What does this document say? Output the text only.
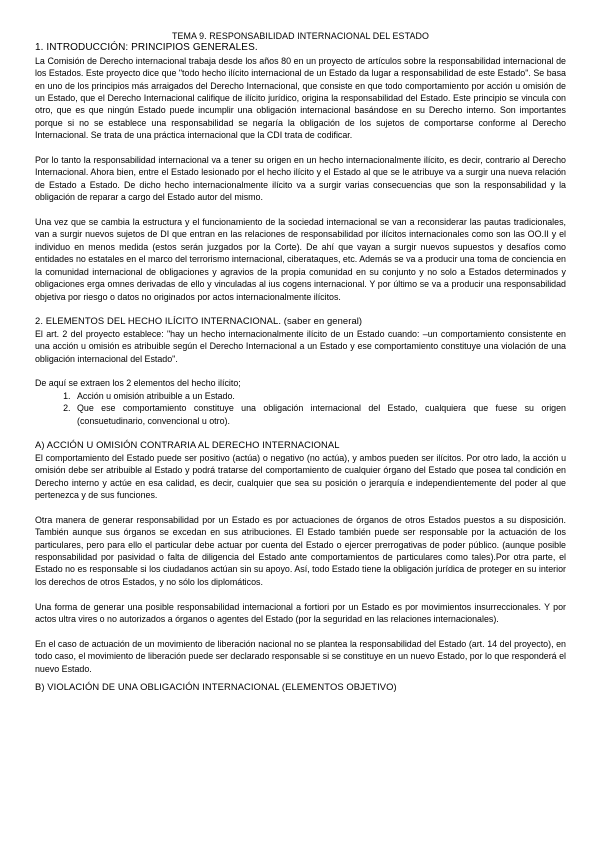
TEMA 9. RESPONSABILIDAD INTERNACIONAL DEL ESTADO
1. INTRODUCCIÓN: PRINCIPIOS GENERALES.

La Comisión de Derecho internacional trabaja desde los años 80 en un proyecto de artículos sobre la responsabilidad internacional de los Estados. Este proyecto dice que "todo hecho ilícito internacional de un Estado da lugar a responsabilidad de este Estado". Se basa en uno de los principios más arraigados del Derecho Internacional, que consiste en que todo comportamiento por acción u omisión de un Estado, que el Derecho Internacional califique de ilícito jurídico, origina la responsabilidad del Estado. Este principio se vincula con otro, que es que ningún Estado puede incumplir una obligación internacional basándose en su Derecho interno. Son importantes porque si no se establece una responsabilidad se negaría la obligación de los sujetos de comportarse conforme al Derecho Internacional. Se trata de una práctica internacional que la CDI trata de codificar.

Por lo tanto la responsabilidad internacional va a tener su origen en un hecho internacionalmente ilícito, es decir, contrario al Derecho Internacional. Ahora bien, entre el Estado lesionado por el hecho ilícito y el Estado al que se le atribuye va a surgir una nueva relación de Estado a Estado. De dicho hecho internacionalmente ilícito va a surgir varias consecuencias que son la responsabilidad y la obligación de reparar a cargo del Estado autor del mismo.

Una vez que se cambia la estructura y el funcionamiento de la sociedad internacional se van a reconsiderar las pautas tradicionales, van a surgir nuevos sujetos de DI que entran en las relaciones de responsabilidad por ilícitos internacionales como son las OO.II y el individuo en menos medida (estos serán juzgados por la Corte). De ahí que vayan a surgir nuevos supuestos y desafíos como entidades no estatales en el marco del terrorismo internacional, ciberataques, etc. Además se va a producir una toma de conciencia en la comunidad internacional de obligaciones y agravios de la propia comunidad en su conjunto y no solo a Estados determinados y obligaciones erga omnes derivadas de ello y vinculadas al ius cogens internacional. Y por último se va a producir una responsabilidad objetiva por riesgo o datos no originados por actos internacionalmente ilícitos.

2. ELEMENTOS DEL HECHO ILÍCITO INTERNACIONAL. (saber en general)

El art. 2 del proyecto establece: "hay un hecho internacionalmente ilícito de un Estado cuando: –un comportamiento consistente en una acción u omisión es atribuible según el Derecho Internacional a un Estado y ese comportamiento constituye una violación de una obligación internacional del Estado".

De aquí se extraen los 2 elementos del hecho ilícito;

1. Acción u omisión atribuible a un Estado.
2. Que ese comportamiento constituye una obligación internacional del Estado, cualquiera que fuese su origen (consuetudinario, convencional u otro).
A) ACCIÓN U OMISIÓN CONTRARIA AL DERECHO INTERNACIONAL

El comportamiento del Estado puede ser positivo (actúa) o negativo (no actúa), y ambos pueden ser ilícitos. Por otro lado, la acción u omisión debe ser atribuible al Estado y podrá tratarse del comportamiento de cualquier órgano del Estado que posea tal condición en Derecho interno y actúe en esa calidad, es decir, cualquier que sea su posición o jerarquía e independientemente del poder al que pertenezca y de sus funciones.

Otra manera de generar responsabilidad por un Estado es por actuaciones de órganos de otros Estados puestos a su disposición. También aunque sus órganos se excedan en sus atribuciones. El Estado también puede ser responsable por la actuación de los particulares, pero para ello el particular debe actuar por cuenta del Estado o ejercer prerrogativas de poder público. (aunque posible responsabilidad por pasividad o falta de diligencia del Estado ante comportamientos de particulares como tales).Por otra parte, el Estado no es responsable si los ciudadanos actúan sin su apoyo. Así, todo Estado tiene la obligación jurídica de proteger en su interior los derechos de otros Estados, y no sólo los diplomáticos.

Una forma de generar una posible responsabilidad internacional a fortiori por un Estado es por movimientos insurreccionales. Y por actos ultra vires o no autorizados a órganos o agentes del Estado (por la seguridad en las relaciones internacionales).

En el caso de actuación de un movimiento de liberación nacional no se plantea la responsabilidad del Estado (art. 14 del proyecto), en todo caso, el movimiento de liberación puede ser declarado responsable si se constituye en un nuevo Estado, por lo que responderá el nuevo Estado.

B) VIOLACIÓN DE UNA OBLIGACIÓN INTERNACIONAL (ELEMENTOS OBJETIVO)
